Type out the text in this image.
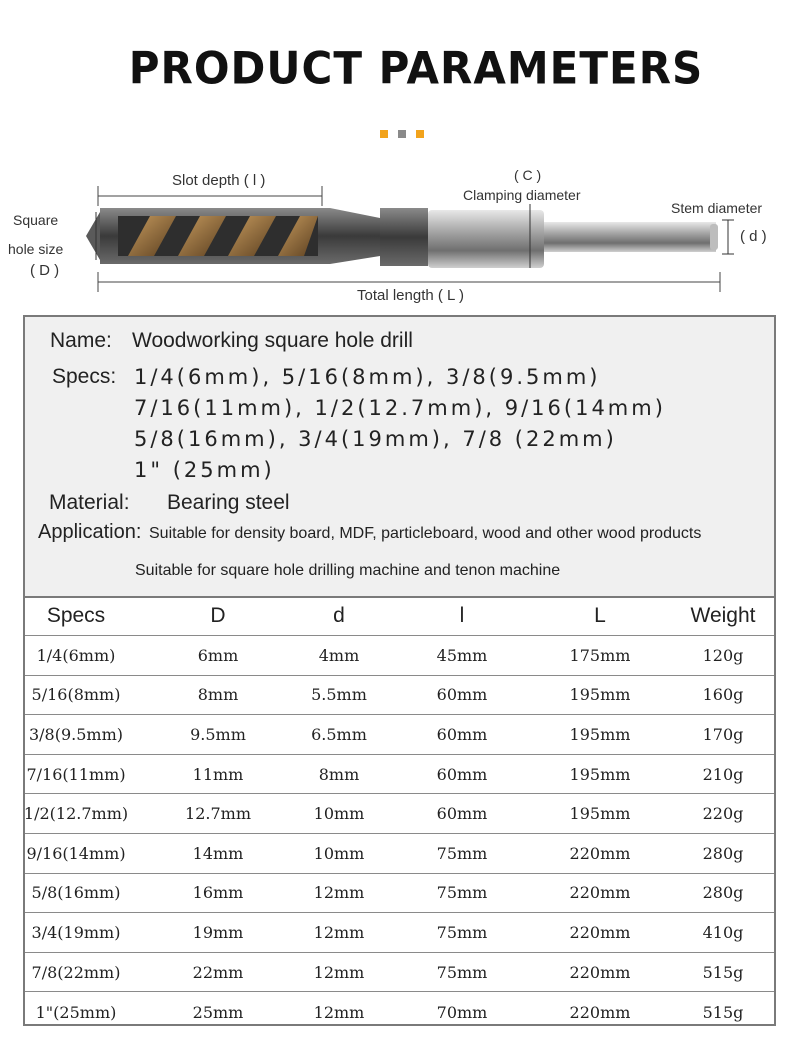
PRODUCT PARAMETERS
Slot depth ( l )	( C )
Clamping diameter
Stem diameter
( d )
Square
hole size
( D )
Total length ( L )
Name: Woodworking square hole drill
Specs: 1/4(6mm), 5/16(8mm), 3/8(9.5mm)
7/16(11mm), 1/2(12.7mm), 9/16(14mm)
5/8(16mm), 3/4(19mm), 7/8 (22mm)
1" (25mm)
Material: Bearing steel
Application: Suitable for density board, MDF, particleboard, wood and other wood products
Suitable for square hole drilling machine and tenon machine
Specs	D	d	l	L	Weight
1/4(6mm)	6mm	4mm	45mm	175mm	120g
5/16(8mm)	8mm	5.5mm	60mm	195mm	160g
3/8(9.5mm)	9.5mm	6.5mm	60mm	195mm	170g
7/16(11mm)	11mm	8mm	60mm	195mm	210g
1/2(12.7mm)	12.7mm	10mm	60mm	195mm	220g
9/16(14mm)	14mm	10mm	75mm	220mm	280g
5/8(16mm)	16mm	12mm	75mm	220mm	280g
3/4(19mm)	19mm	12mm	75mm	220mm	410g
7/8(22mm)	22mm	12mm	75mm	220mm	515g
1"(25mm)	25mm	12mm	70mm	220mm	515g
